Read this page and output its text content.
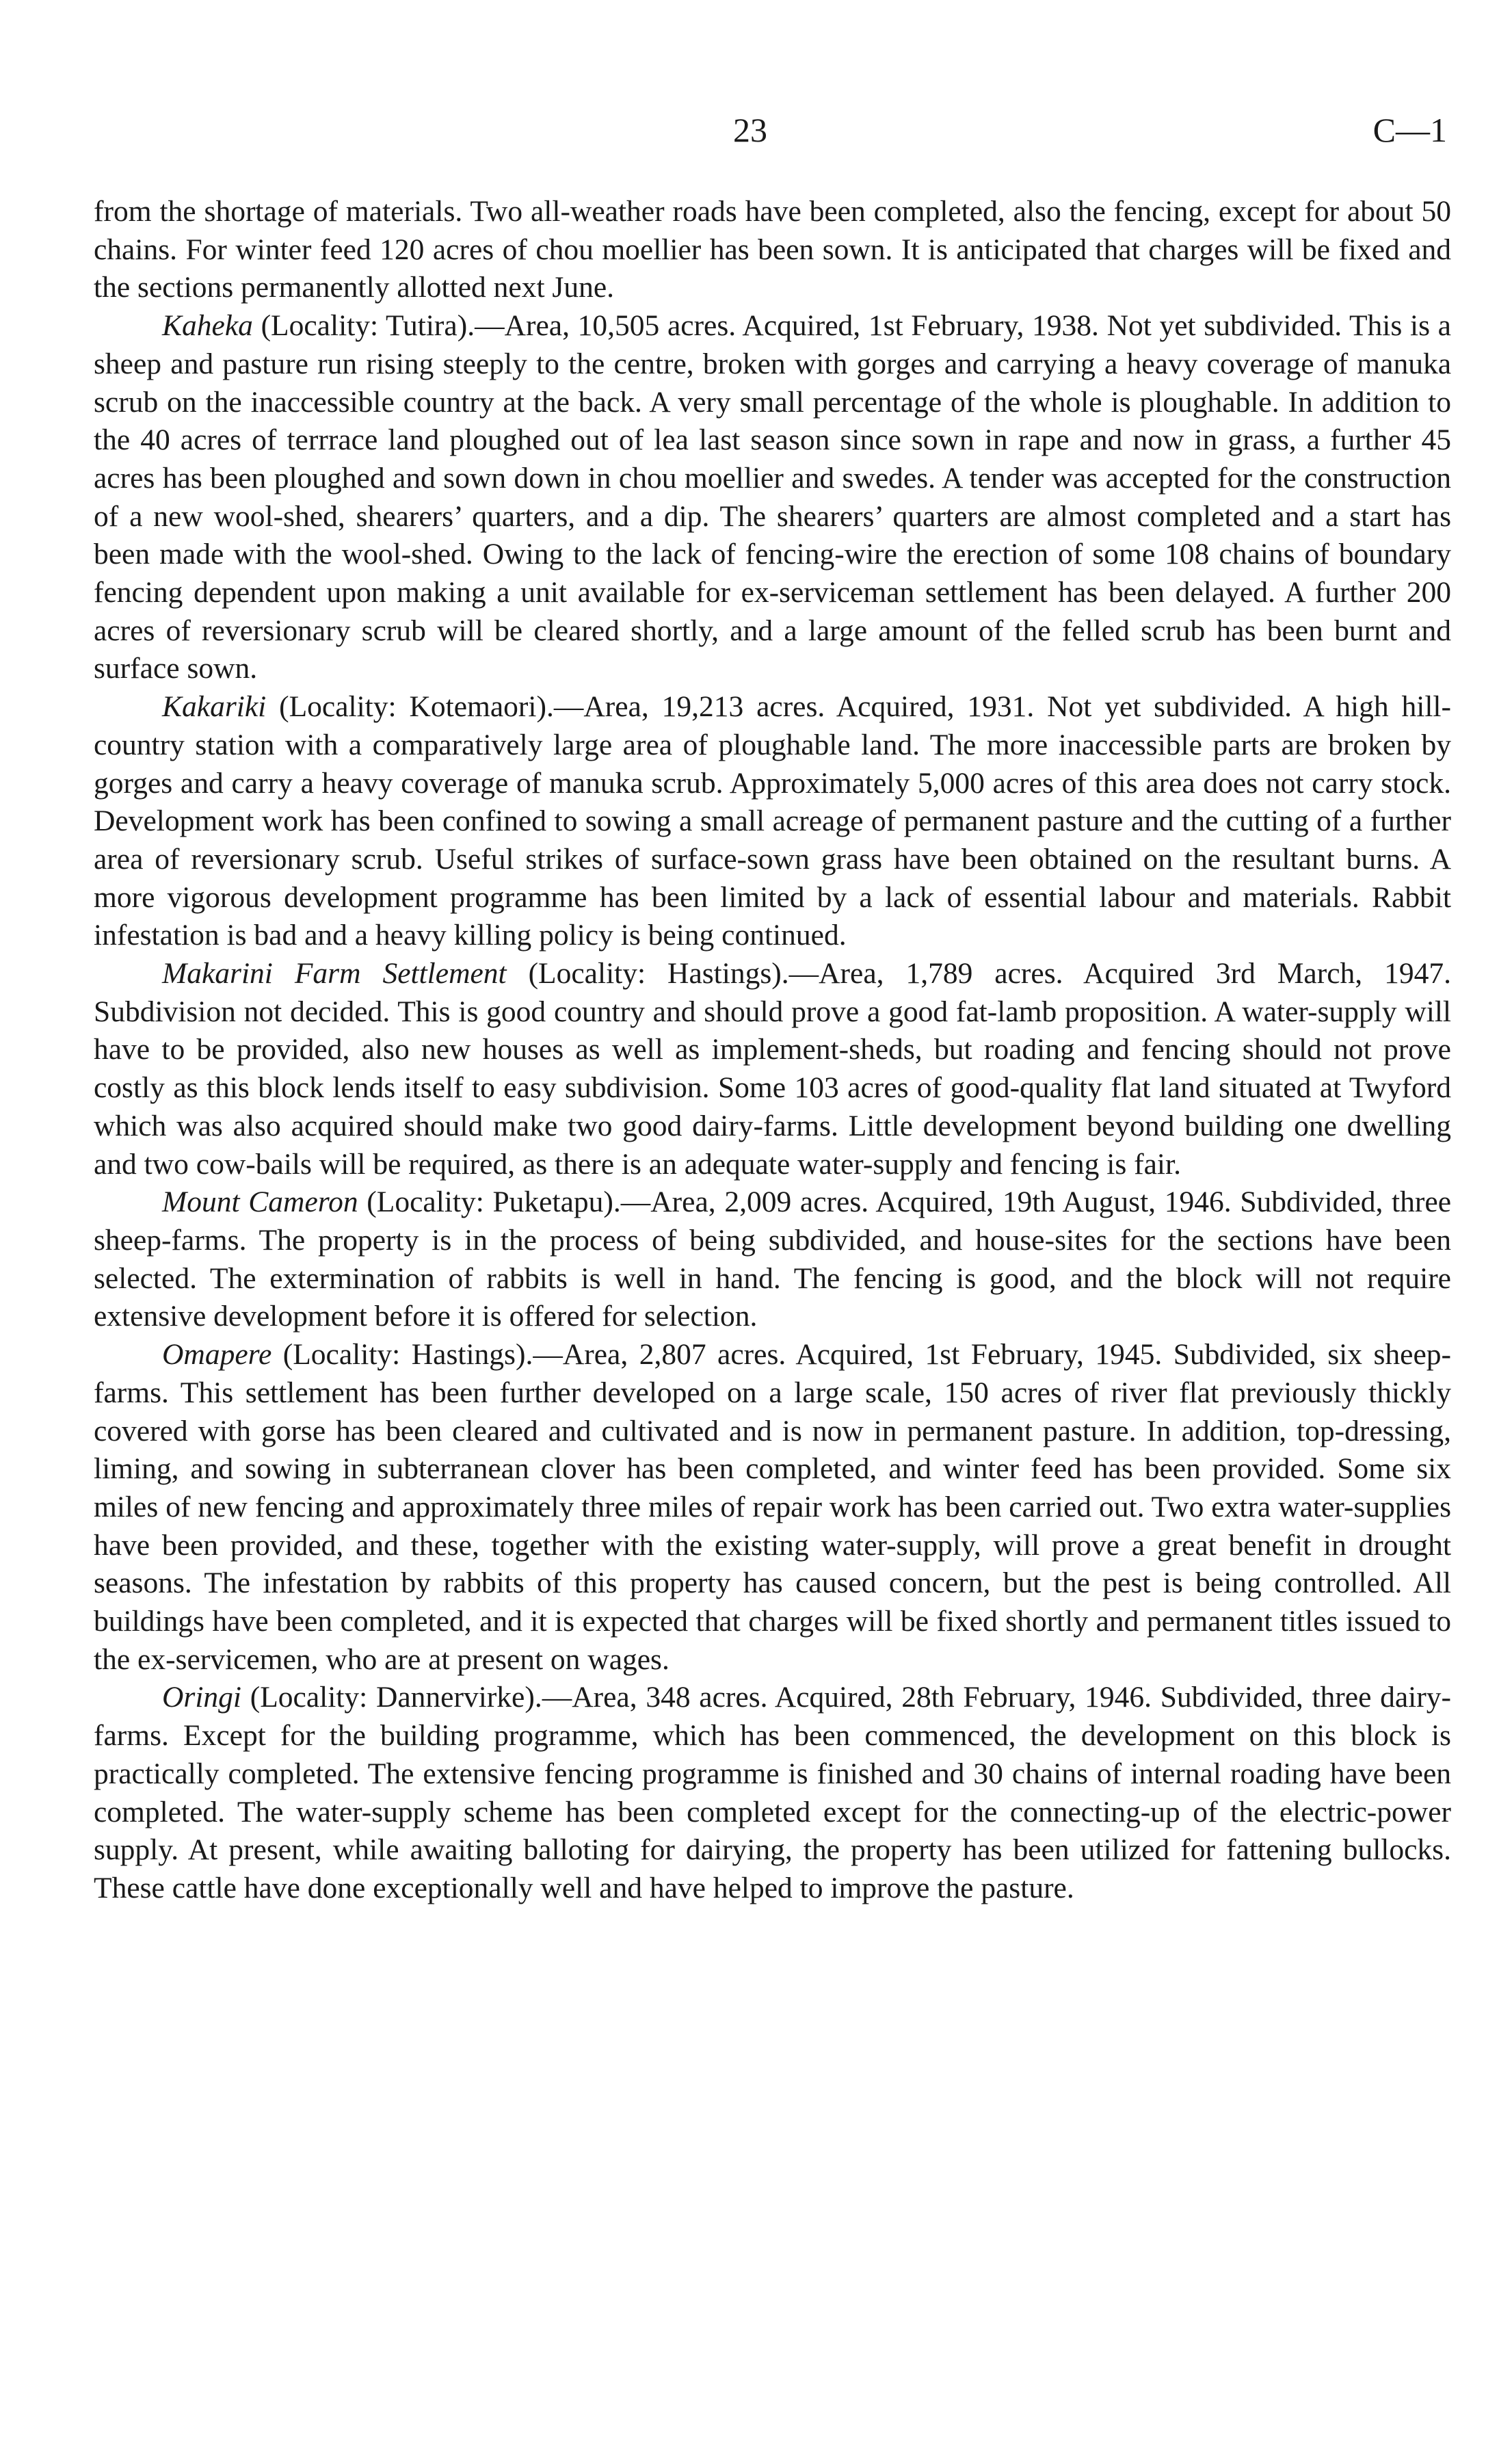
23	C—1

from the shortage of materials. Two all-weather roads have been completed, also the fencing, except for about 50 chains. For winter feed 120 acres of chou moellier has been sown. It is anticipated that charges will be fixed and the sections permanently allotted next June.

Kaheka (Locality: Tutira).—Area, 10,505 acres. Acquired, 1st February, 1938. Not yet subdivided. This is a sheep and pasture run rising steeply to the centre, broken with gorges and carrying a heavy coverage of manuka scrub on the inaccessible country at the back. A very small percentage of the whole is ploughable. In addition to the 40 acres of terrrace land ploughed out of lea last season since sown in rape and now in grass, a further 45 acres has been ploughed and sown down in chou moellier and swedes. A tender was accepted for the construction of a new wool-shed, shearers’ quarters, and a dip. The shearers’ quarters are almost completed and a start has been made with the wool-shed. Owing to the lack of fencing-wire the erection of some 108 chains of boundary fencing dependent upon making a unit available for ex-serviceman settlement has been delayed. A further 200 acres of reversionary scrub will be cleared shortly, and a large amount of the felled scrub has been burnt and surface sown.

Kakariki (Locality: Kotemaori).—Area, 19,213 acres. Acquired, 1931. Not yet subdivided. A high hill-country station with a comparatively large area of ploughable land. The more inaccessible parts are broken by gorges and carry a heavy coverage of manuka scrub. Approximately 5,000 acres of this area does not carry stock. Development work has been confined to sowing a small acreage of permanent pasture and the cutting of a further area of reversionary scrub. Useful strikes of surface-sown grass have been obtained on the resultant burns. A more vigorous development programme has been limited by a lack of essential labour and materials. Rabbit infestation is bad and a heavy killing policy is being continued.

Makarini Farm Settlement (Locality: Hastings).—Area, 1,789 acres. Acquired 3rd March, 1947. Subdivision not decided. This is good country and should prove a good fat-lamb proposition. A water-supply will have to be provided, also new houses as well as implement-sheds, but roading and fencing should not prove costly as this block lends itself to easy subdivision. Some 103 acres of good-quality flat land situated at Twyford which was also acquired should make two good dairy-farms. Little development beyond building one dwelling and two cow-bails will be required, as there is an adequate water-supply and fencing is fair.

Mount Cameron (Locality: Puketapu).—Area, 2,009 acres. Acquired, 19th August, 1946. Subdivided, three sheep-farms. The property is in the process of being subdivided, and house-sites for the sections have been selected. The extermination of rabbits is well in hand. The fencing is good, and the block will not require extensive development before it is offered for selection.

Omapere (Locality: Hastings).—Area, 2,807 acres. Acquired, 1st February, 1945. Subdivided, six sheep-farms. This settlement has been further developed on a large scale, 150 acres of river flat previously thickly covered with gorse has been cleared and cultivated and is now in permanent pasture. In addition, top-dressing, liming, and sowing in subterranean clover has been completed, and winter feed has been provided. Some six miles of new fencing and approximately three miles of repair work has been carried out. Two extra water-supplies have been provided, and these, together with the existing water-supply, will prove a great benefit in drought seasons. The infestation by rabbits of this property has caused concern, but the pest is being controlled. All buildings have been completed, and it is expected that charges will be fixed shortly and permanent titles issued to the ex-servicemen, who are at present on wages.

Oringi (Locality: Dannervirke).—Area, 348 acres. Acquired, 28th February, 1946. Subdivided, three dairy-farms. Except for the building programme, which has been commenced, the development on this block is practically completed. The extensive fencing programme is finished and 30 chains of internal roading have been completed. The water-supply scheme has been completed except for the connecting-up of the electric-power supply. At present, while awaiting balloting for dairying, the property has been utilized for fattening bullocks. These cattle have done exceptionally well and have helped to improve the pasture.
